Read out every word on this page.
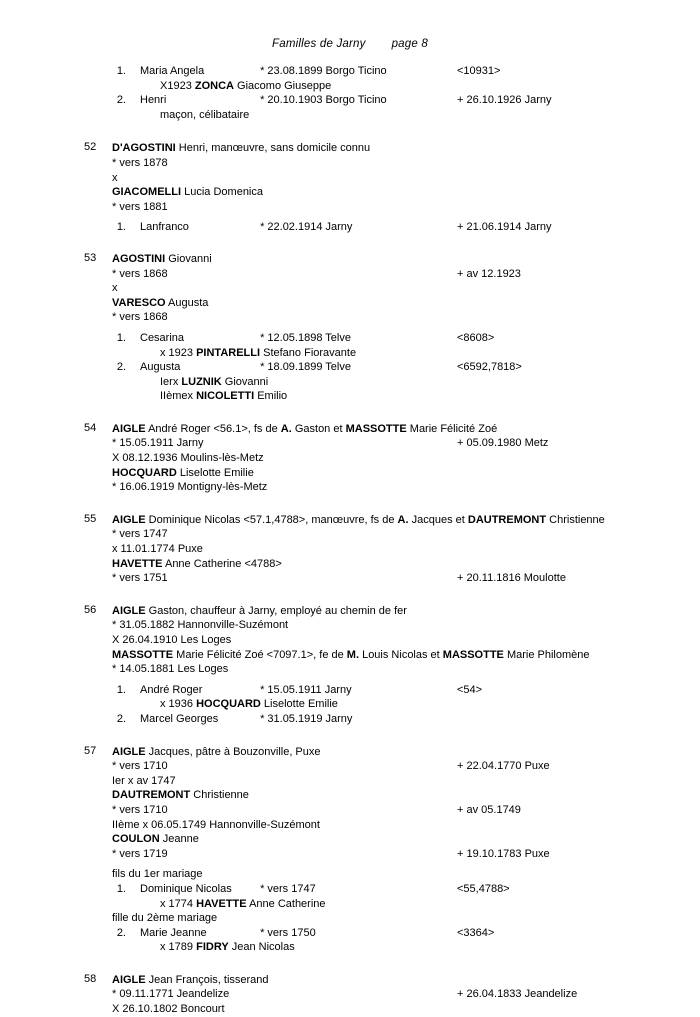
Familles de Jarny page 8
1. Maria Angela	* 23.08.1899 Borgo Ticino	<10931>
X1923 ZONCA Giacomo Giuseppe
2. Henri	* 20.10.1903 Borgo Ticino	+ 26.10.1926 Jarny
maçon, célibataire
52	D'AGOSTINI Henri, manœuvre, sans domicile connu
* vers 1878
x
GIACOMELLI Lucia Domenica
* vers 1881
1. Lanfranco	* 22.02.1914 Jarny	+ 21.06.1914 Jarny
53	AGOSTINI Giovanni
* vers 1868	+ av 12.1923
x
VARESCO Augusta
* vers 1868
1. Cesarina	* 12.05.1898 Telve	<8608>
x 1923 PINTARELLI Stefano Fioravante
2. Augusta	* 18.09.1899 Telve	<6592,7818>
Ierx LUZNIK Giovanni
IIèmex NICOLETTI Emilio
54	AIGLE André Roger <56.1>, fs de A. Gaston et MASSOTTE Marie Félicité Zoé
* 15.05.1911 Jarny	+ 05.09.1980 Metz
X 08.12.1936 Moulins-lès-Metz
HOCQUARD Liselotte Emilie
* 16.06.1919 Montigny-lès-Metz
55	AIGLE Dominique Nicolas <57.1,4788>, manœuvre, fs de A. Jacques et DAUTREMONT Christienne
* vers 1747
x 11.01.1774 Puxe
HAVETTE Anne Catherine <4788>
* vers 1751	+ 20.11.1816 Moulotte
56	AIGLE Gaston, chauffeur à Jarny, employé au chemin de fer
* 31.05.1882 Hannonville-Suzémont
X 26.04.1910 Les Loges
MASSOTTE Marie Félicité Zoé <7097.1>, fe de M. Louis Nicolas et MASSOTTE Marie Philomène
* 14.05.1881 Les Loges
1. André Roger	* 15.05.1911 Jarny	<54>
x 1936 HOCQUARD Liselotte Emilie
2. Marcel Georges	* 31.05.1919 Jarny
57	AIGLE Jacques, pâtre à Bouzonville, Puxe
* vers 1710	+ 22.04.1770 Puxe
Ier x av 1747
DAUTREMONT Christienne
* vers 1710	+ av 05.1749
IIème x 06.05.1749 Hannonville-Suzémont
COULON Jeanne
* vers 1719	+ 19.10.1783 Puxe
fils du 1er mariage
1. Dominique Nicolas	* vers 1747	<55,4788>
x 1774 HAVETTE Anne Catherine
fille du 2ème mariage
2. Marie Jeanne	* vers 1750	<3364>
x 1789 FIDRY Jean Nicolas
58	AIGLE Jean François, tisserand
* 09.11.1771 Jeandelize	+ 26.04.1833 Jeandelize
X 26.10.1802 Boncourt
